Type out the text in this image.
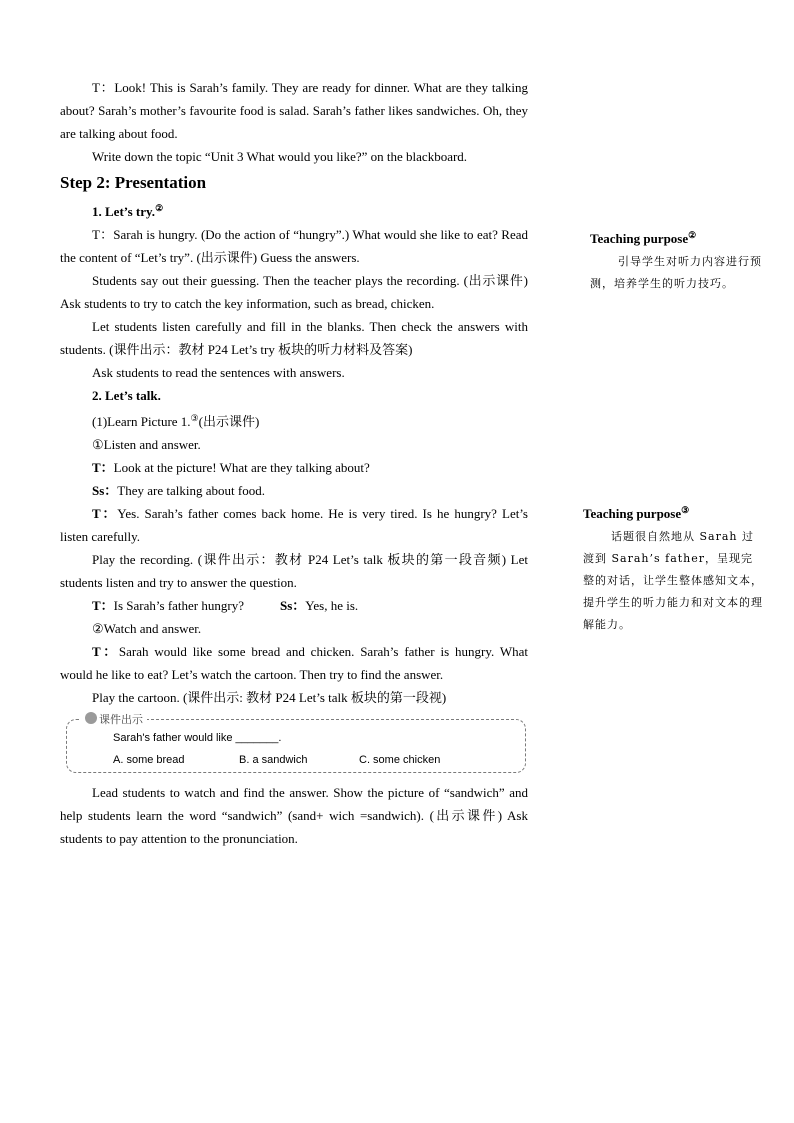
T：Look! This is Sarah’s family. They are ready for dinner. What are they talking about? Sarah’s mother’s favourite food is salad. Sarah’s father likes sandwiches. Oh, they are talking about food.

Write down the topic “Unit 3 What would you like?” on the blackboard.

Step 2: Presentation
1. Let’s try.②

T：Sarah is hungry. (Do the action of “hungry”.) What would she like to eat? Read the content of “Let’s try”. (出示课件) Guess the answers.

Students say out their guessing. Then the teacher plays the recording. (出示课件) Ask students to try to catch the key information, such as bread, chicken.

Let students listen carefully and fill in the blanks. Then check the answers with students. (课件出示：教材 P24 Let’s try 板块的听力材料及答案)

Ask students to read the sentences with answers.

2. Let’s talk.

(1)Learn Picture 1.③(出示课件)

①Listen and answer.

T：Look at the picture! What are they talking about?

Ss：They are talking about food.

T：Yes. Sarah’s father comes back home. He is very tired. Is he hungry? Let’s listen carefully.

Play the recording. (课件出示：教材 P24 Let’s talk 板块的第一段音频) Let students listen and try to answer the question.

T：Is Sarah’s father hungry?	Ss：Yes, he is.

②Watch and answer.

T：Sarah would like some bread and chicken. Sarah’s father is hungry. What would he like to eat? Let’s watch the cartoon. Then try to find the answer.

Play the cartoon. (课件出示: 教材 P24 Let’s talk 板块的第一段视)

课件出示
Sarah's father would like _______.
A. some bread	B. a sandwich	C. some chicken

Lead students to watch and find the answer. Show the picture of “sandwich” and help students learn the word “sandwich” (sand+ wich =sandwich). (出示课件) Ask students to pay attention to the pronunciation.

Teaching purpose②
引导学生对听力内容进行预测，培养学生的听力技巧。
Teaching purpose③
话题很自然地从 Sarah 过渡到 Sarah’s father，呈现完整的对话，让学生整体感知文本，提升学生的听力能力和对文本的理解能力。
